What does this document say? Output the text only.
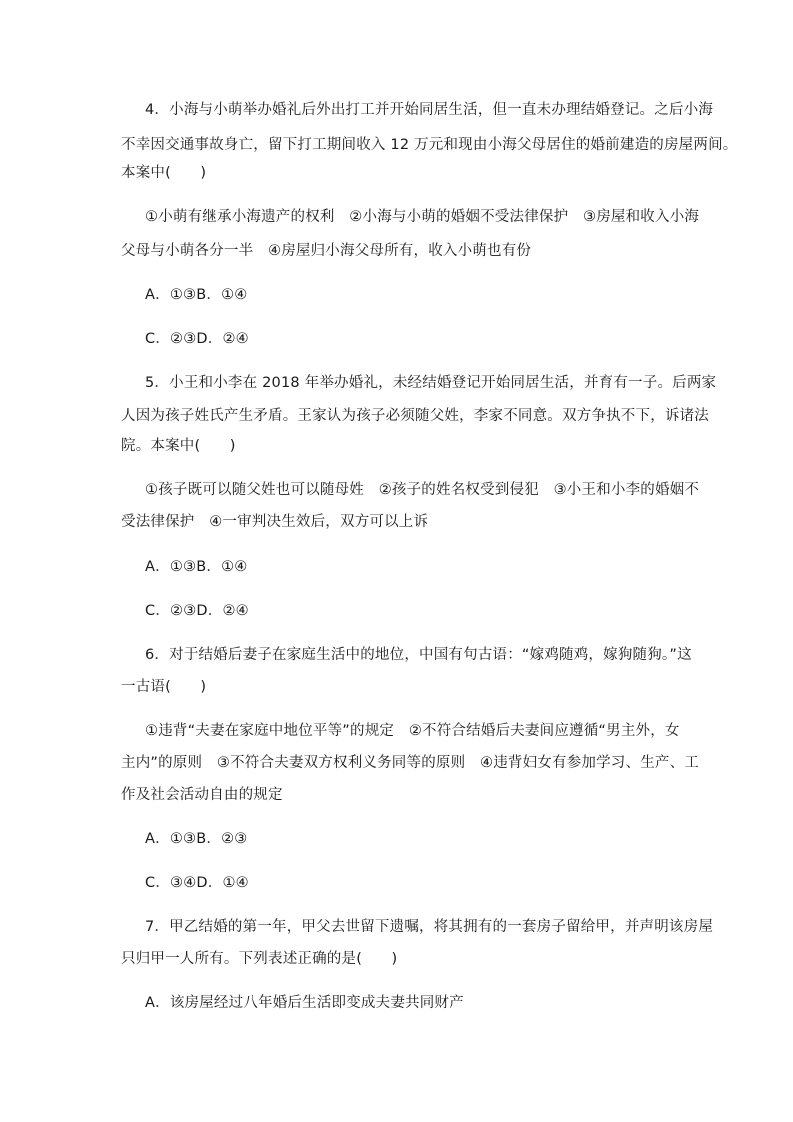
4．小海与小萌举办婚礼后外出打工并开始同居生活，但一直未办理结婚登记。之后小海
不幸因交通事故身亡，留下打工期间收入 12 万元和现由小海父母居住的婚前建造的房屋两间。
本案中(　　)
①小萌有继承小海遗产的权利　②小海与小萌的婚姻不受法律保护　③房屋和收入小海
父母与小萌各分一半　④房屋归小海父母所有，收入小萌也有份
A．①③B．①④
C．②③D．②④
5．小王和小李在 2018 年举办婚礼，未经结婚登记开始同居生活，并育有一子。后两家
人因为孩子姓氏产生矛盾。王家认为孩子必须随父姓，李家不同意。双方争执不下，诉诸法
院。本案中(　　)
①孩子既可以随父姓也可以随母姓　②孩子的姓名权受到侵犯　③小王和小李的婚姻不
受法律保护　④一审判决生效后，双方可以上诉
A．①③B．①④
C．②③D．②④
6．对于结婚后妻子在家庭生活中的地位，中国有句古语：“嫁鸡随鸡，嫁狗随狗。”这
一古语(　　)
①违背“夫妻在家庭中地位平等”的规定　②不符合结婚后夫妻间应遵循“男主外，女
主内”的原则　③不符合夫妻双方权利义务同等的原则　④违背妇女有参加学习、生产、工
作及社会活动自由的规定
A．①③B．②③
C．③④D．①④
7．甲乙结婚的第一年，甲父去世留下遗嘱，将其拥有的一套房子留给甲，并声明该房屋
只归甲一人所有。下列表述正确的是(　　)
A．该房屋经过八年婚后生活即变成夫妻共同财产
